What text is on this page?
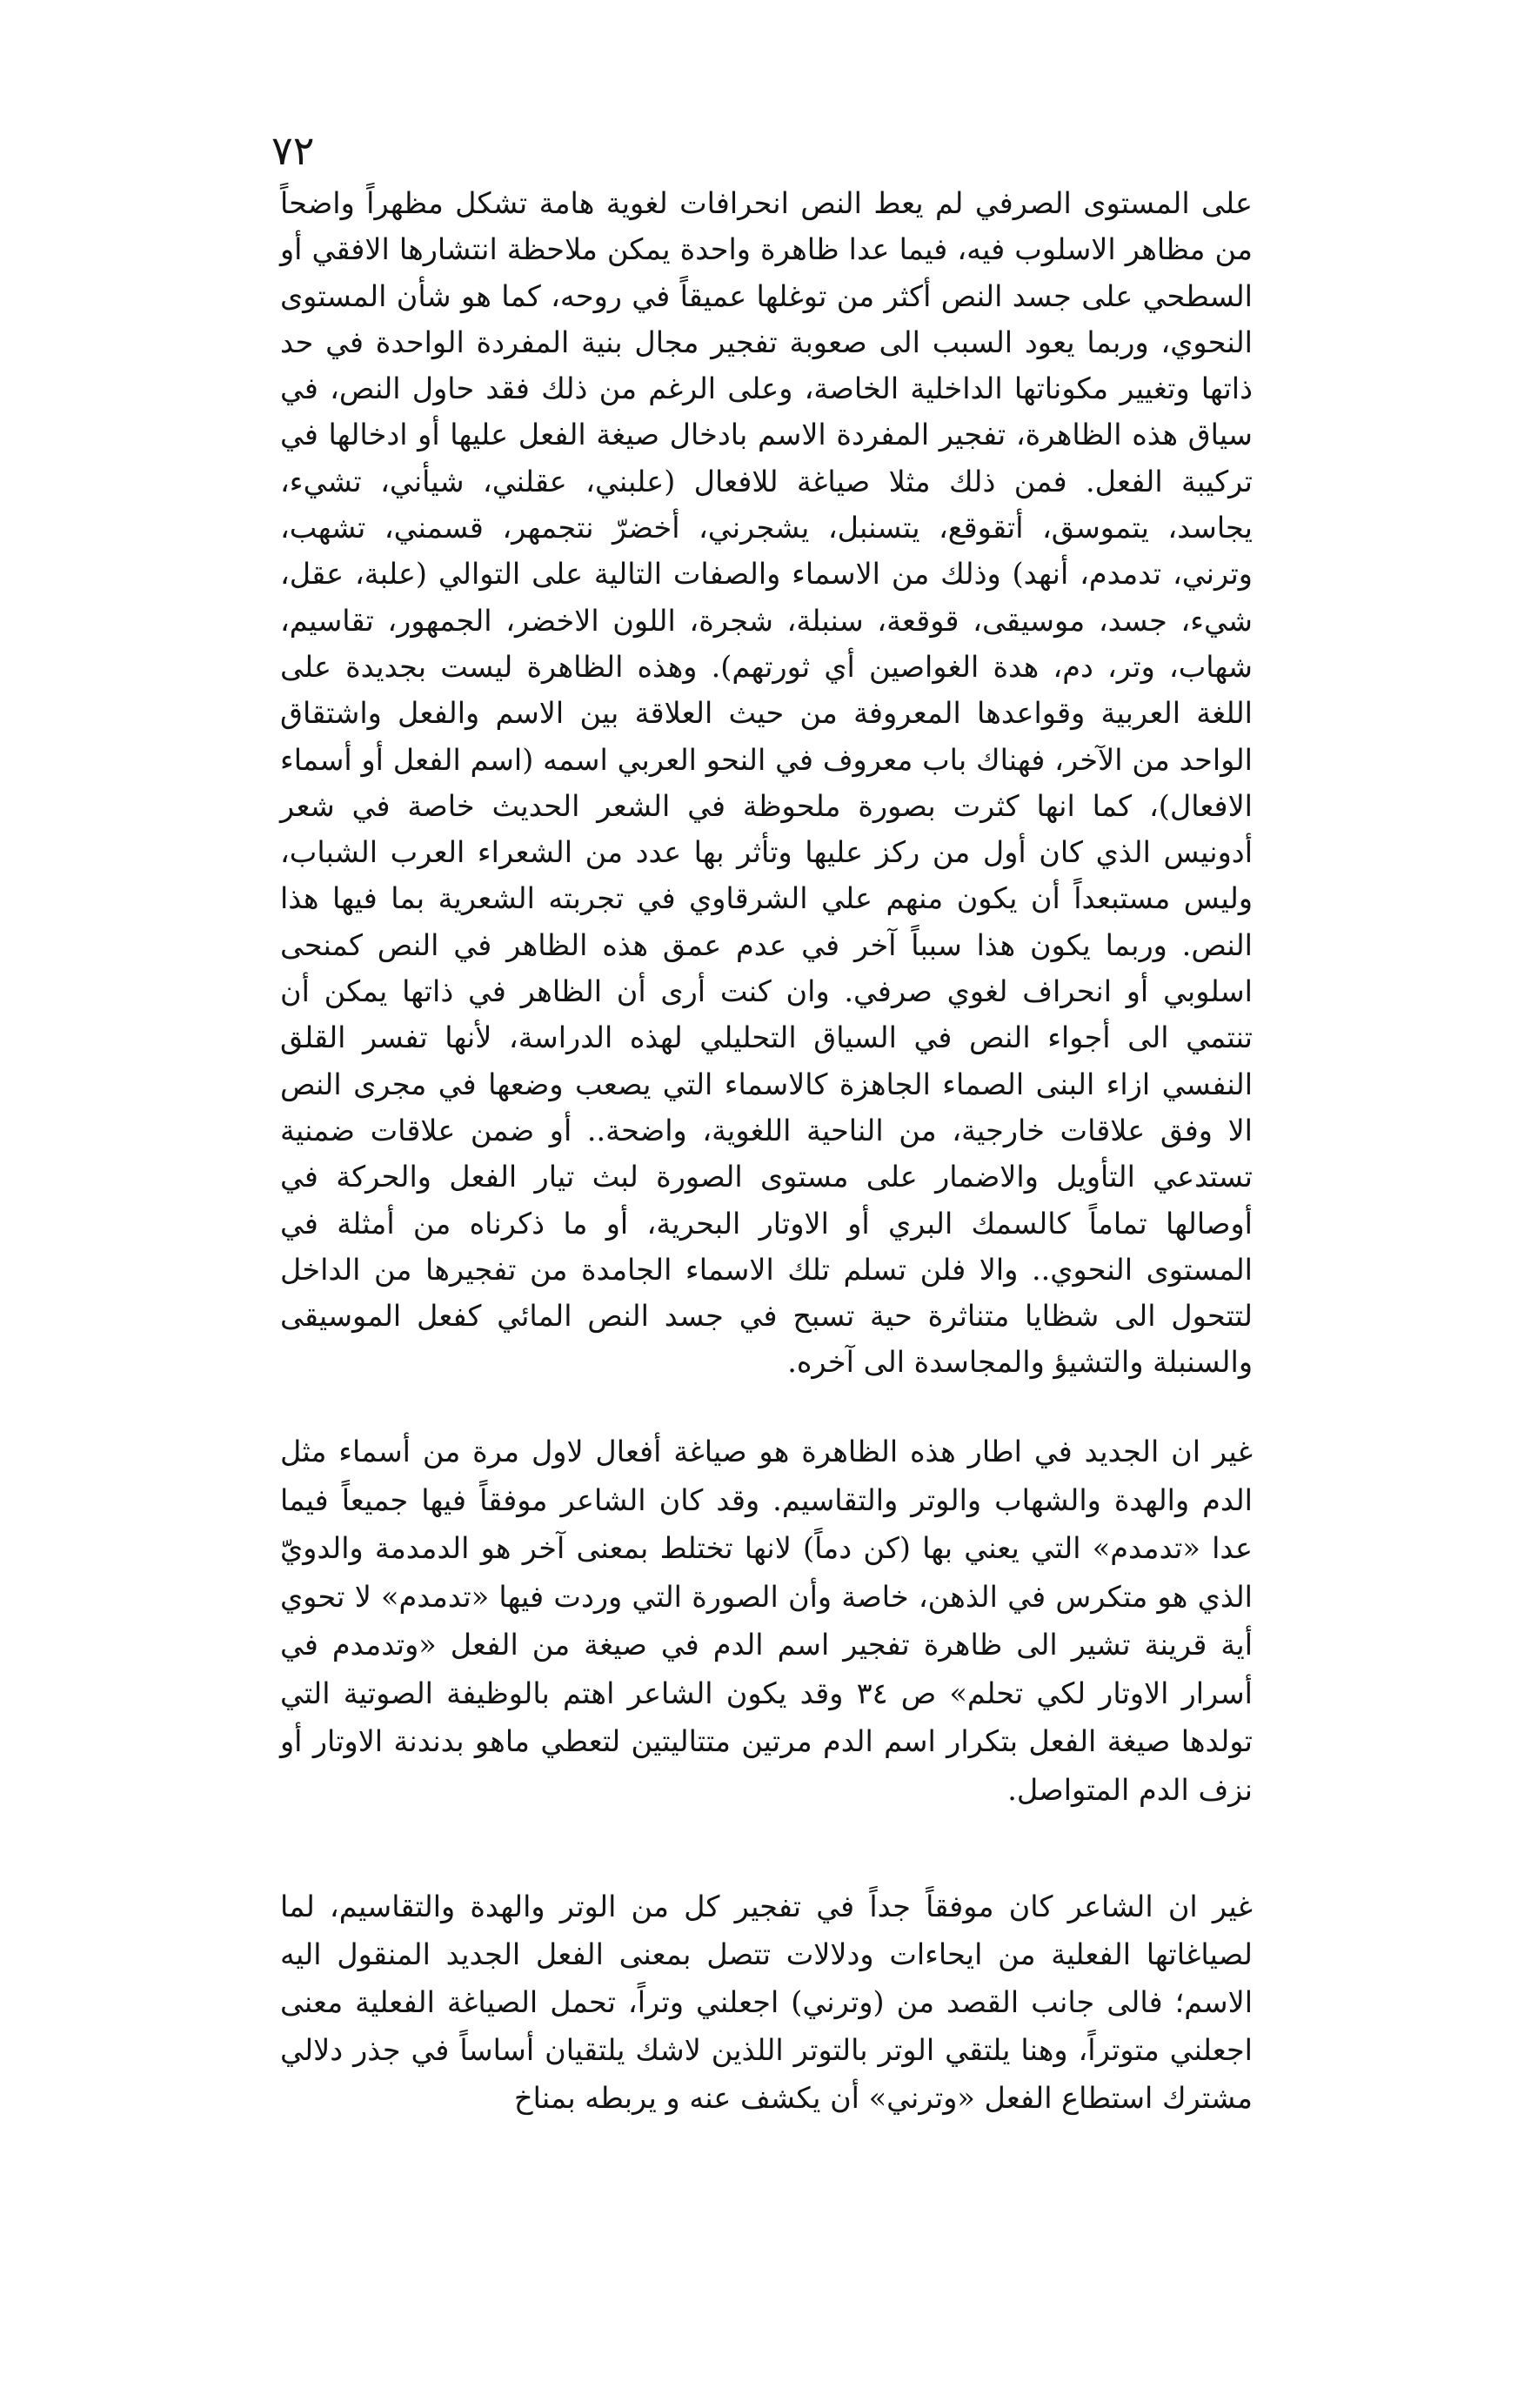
٧٢

على المستوى الصرفي لم يعط النص انحرافات لغوية هامة تشكل مظهراً واضحاً من مظاهر الاسلوب فيه، فيما عدا ظاهرة واحدة يمكن ملاحظة انتشارها الافقي أو السطحي على جسد النص أكثر من توغلها عميقاً في روحه، كما هو شأن المستوى النحوي، وربما يعود السبب الى صعوبة تفجير مجال بنية المفردة الواحدة في حد ذاتها وتغيير مكوناتها الداخلية الخاصة، وعلى الرغم من ذلك فقد حاول النص، في سياق هذه الظاهرة، تفجير المفردة الاسم بادخال صيغة الفعل عليها أو ادخالها في تركيبة الفعل. فمن ذلك مثلا صياغة للافعال (علبني، عقلني، شيأني، تشيء، يجاسد، يتموسق، أتقوقع، يتسنبل، يشجرني، أخضرّ نتجمهر، قسمني، تشهب، وترني، تدمدم، أنهد) وذلك من الاسماء والصفات التالية على التوالي (علبة، عقل، شيء، جسد، موسيقى، قوقعة، سنبلة، شجرة، اللون الاخضر، الجمهور، تقاسيم، شهاب، وتر، دم، هدة الغواصين أي ثورتهم). وهذه الظاهرة ليست بجديدة على اللغة العربية وقواعدها المعروفة من حيث العلاقة بين الاسم والفعل واشتقاق الواحد من الآخر، فهناك باب معروف في النحو العربي اسمه (اسم الفعل أو أسماء الافعال)، كما انها كثرت بصورة ملحوظة في الشعر الحديث خاصة في شعر أدونيس الذي كان أول من ركز عليها وتأثر بها عدد من الشعراء العرب الشباب، وليس مستبعداً أن يكون منهم علي الشرقاوي في تجربته الشعرية بما فيها هذا النص. وربما يكون هذا سبباً آخر في عدم عمق هذه الظاهر في النص كمنحى اسلوبي أو انحراف لغوي صرفي. وان كنت أرى أن الظاهر في ذاتها يمكن أن تنتمي الى أجواء النص في السياق التحليلي لهذه الدراسة، لأنها تفسر القلق النفسي ازاء البنى الصماء الجاهزة كالاسماء التي يصعب وضعها في مجرى النص الا وفق علاقات خارجية، من الناحية اللغوية، واضحة.. أو ضمن علاقات ضمنية تستدعي التأويل والاضمار على مستوى الصورة لبث تيار الفعل والحركة في أوصالها تماماً كالسمك البري أو الاوتار البحرية، أو ما ذكرناه من أمثلة في المستوى النحوي.. والا فلن تسلم تلك الاسماء الجامدة من تفجيرها من الداخل لتتحول الى شظايا متناثرة حية تسبح في جسد النص المائي كفعل الموسيقى والسنبلة والتشيؤ والمجاسدة الى آخره.

غير ان الجديد في اطار هذه الظاهرة هو صياغة أفعال لاول مرة من أسماء مثل الدم والهدة والشهاب والوتر والتقاسيم. وقد كان الشاعر موفقاً فيها جميعاً فيما عدا «تدمدم» التي يعني بها (كن دماً) لانها تختلط بمعنى آخر هو الدمدمة والدويّ الذي هو متكرس في الذهن، خاصة وأن الصورة التي وردت فيها «تدمدم» لا تحوي أية قرينة تشير الى ظاهرة تفجير اسم الدم في صيغة من الفعل «وتدمدم في أسرار الاوتار لكي تحلم» ص ٣٤ وقد يكون الشاعر اهتم بالوظيفة الصوتية التي تولدها صيغة الفعل بتكرار اسم الدم مرتين متتاليتين لتعطي ماهو بدندنة الاوتار أو نزف الدم المتواصل.

غير ان الشاعر كان موفقاً جداً في تفجير كل من الوتر والهدة والتقاسيم، لما لصياغاتها الفعلية من ايحاءات ودلالات تتصل بمعنى الفعل الجديد المنقول اليه الاسم؛ فالى جانب القصد من (وترني) اجعلني وتراً، تحمل الصياغة الفعلية معنى اجعلني متوتراً، وهنا يلتقي الوتر بالتوتر اللذين لاشك يلتقيان أساساً في جذر دلالي مشترك استطاع الفعل «وترني» أن يكشف عنه و يربطه بمناخ
